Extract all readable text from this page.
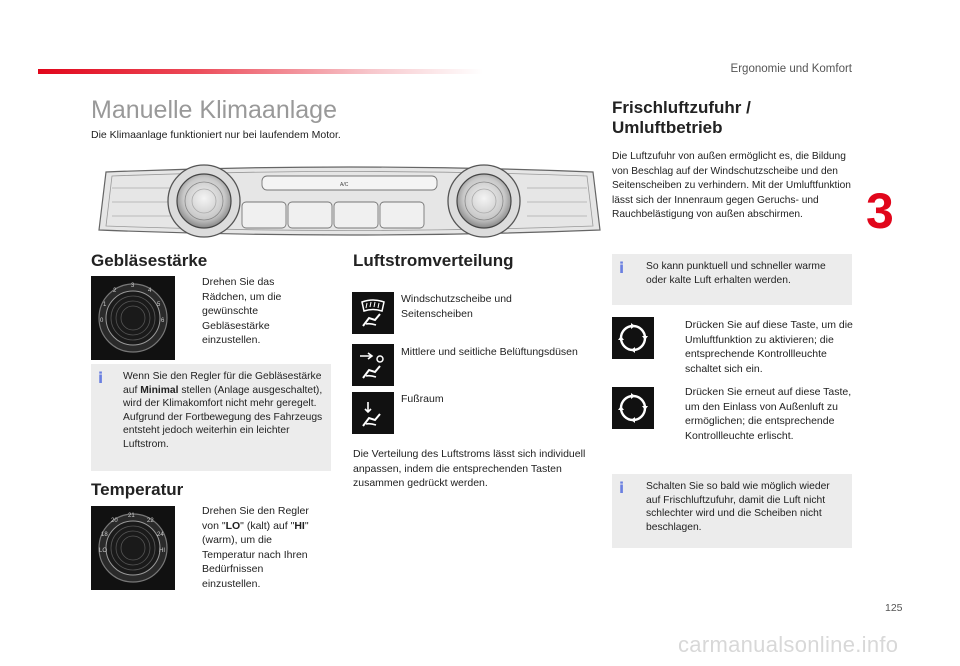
Ergonomie und Komfort
3
Manuelle Klimaanlage
Die Klimaanlage funktioniert nur bei laufendem Motor.
A/C
Gebläsestärke
3
4
5
6
2
1
0
Drehen Sie das Rädchen, um die gewünschte Gebläsestärke einzustellen.
i Wenn Sie den Regler für die Gebläsestärke auf Minimal stellen (Anlage ausgeschaltet), wird der Klimakomfort nicht mehr geregelt. Aufgrund der Fortbewegung des Fahrzeugs entsteht jedoch weiterhin ein leichter Luftstrom.
Temperatur
21
22
24
HI
20
18
LO
Drehen Sie den Regler von "LO" (kalt) auf "HI" (warm), um die Temperatur nach Ihren Bedürfnissen einzustellen.
Luftstromverteilung
Windschutzscheibe und Seitenscheiben
Mittlere und seitliche Belüftungsdüsen
Fußraum
Die Verteilung des Luftstroms lässt sich individuell anpassen, indem die entsprechenden Tasten zusammen gedrückt werden.
Frischluftzufuhr / Umluftbetrieb
Die Luftzufuhr von außen ermöglicht es, die Bildung von Beschlag auf der Windschutzscheibe und den Seitenscheiben zu verhindern. Mit der Umluftfunktion lässt sich der Innenraum gegen Geruchs- und Rauchbelästigung von außen abschirmen.
i So kann punktuell und schneller warme oder kalte Luft erhalten werden.
Drücken Sie auf diese Taste, um die Umluftfunktion zu aktivieren; die entsprechende Kontrollleuchte schaltet sich ein.
Drücken Sie erneut auf diese Taste, um den Einlass von Außenluft zu ermöglichen; die entsprechende Kontrollleuchte erlischt.
i Schalten Sie so bald wie möglich wieder auf Frischluftzufuhr, damit die Luft nicht schlechter wird und die Scheiben nicht beschlagen.
125
carmanualsonline.info
